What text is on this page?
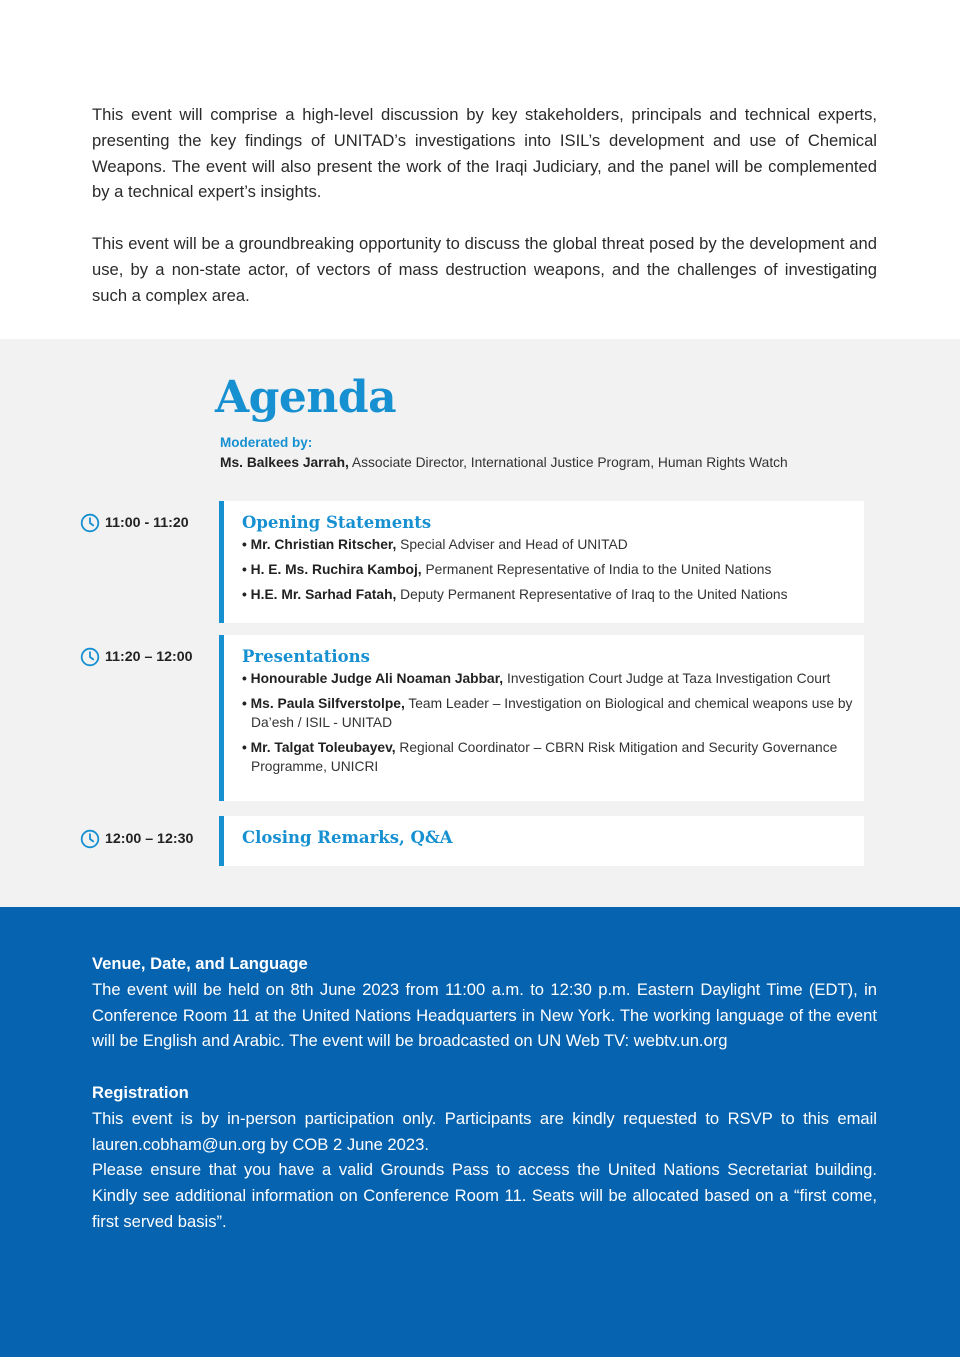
This event will comprise a high-level discussion by key stakeholders, principals and technical experts, presenting the key findings of UNITAD’s investigations into ISIL’s development and use of Chemical Weapons. The event will also present the work of the Iraqi Judiciary, and the panel will be complemented by a technical expert’s insights.

This event will be a groundbreaking opportunity to discuss the global threat posed by the development and use, by a non-state actor, of vectors of mass destruction weapons, and the challenges of investigating such a complex area.

Agenda
Moderated by:
Ms. Balkees Jarrah, Associate Director, International Justice Program, Human Rights Watch
11:00 - 11:20	Opening Statements
• Mr. Christian Ritscher, Special Adviser and Head of UNITAD
• H. E. Ms. Ruchira Kamboj, Permanent Representative of India to the United Nations
• H.E. Mr. Sarhad Fatah, Deputy Permanent Representative of Iraq to the United Nations
11:20 – 12:00	Presentations
• Honourable Judge Ali Noaman Jabbar, Investigation Court Judge at Taza Investigation Court
• Ms. Paula Silfverstolpe, Team Leader – Investigation on Biological and chemical weapons use by Da’esh / ISIL - UNITAD
• Mr. Talgat Toleubayev, Regional Coordinator – CBRN Risk Mitigation and Security Governance Programme, UNICRI
12:00 – 12:30	Closing Remarks, Q&A
Venue, Date, and Language

The event will be held on 8th June 2023 from 11:00 a.m. to 12:30 p.m. Eastern Daylight Time (EDT), in Conference Room 11 at the United Nations Headquarters in New York. The working language of the event will be English and Arabic. The event will be broadcasted on UN Web TV: webtv.un.org

Registration

This event is by in-person participation only. Participants are kindly requested to RSVP to this email lauren.cobham@un.org by COB 2 June 2023.

Please ensure that you have a valid Grounds Pass to access the United Nations Secretariat building. Kindly see additional information on Conference Room 11. Seats will be allocated based on a “first come, first served basis”.
